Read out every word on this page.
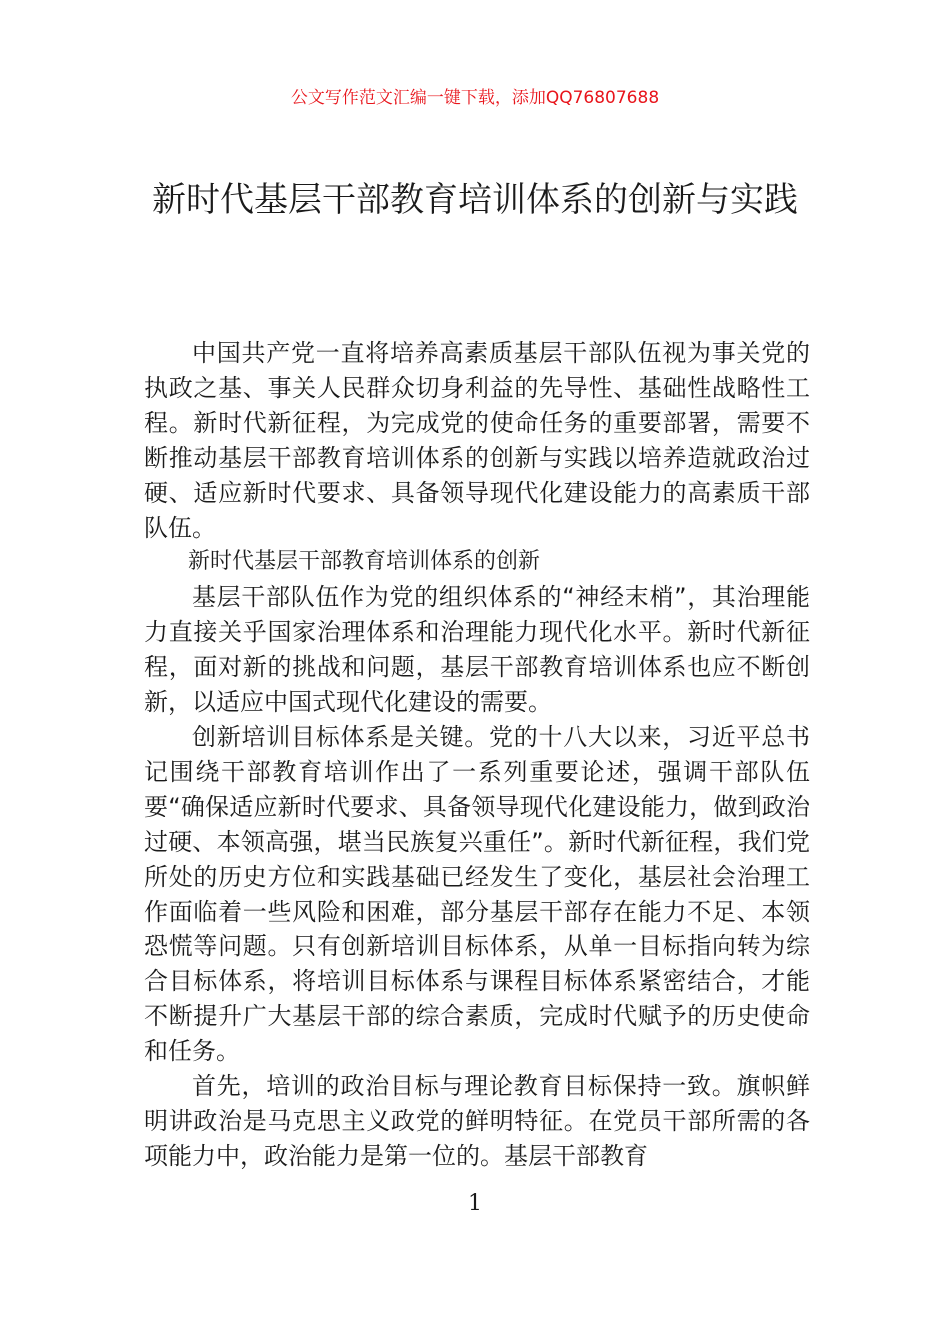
公文写作范文汇编一键下载，添加QQ76807688
新时代基层干部教育培训体系的创新与实践

中国共产党一直将培养高素质基层干部队伍视为事关党的执政之基、事关人民群众切身利益的先导性、基础性战略性工程。新时代新征程，为完成党的使命任务的重要部署，需要不断推动基层干部教育培训体系的创新与实践以培养造就政治过硬、适应新时代要求、具备领导现代化建设能力的高素质干部队伍。

新时代基层干部教育培训体系的创新

基层干部队伍作为党的组织体系的“神经末梢”，其治理能力直接关乎国家治理体系和治理能力现代化水平。新时代新征程，面对新的挑战和问题，基层干部教育培训体系也应不断创新，以适应中国式现代化建设的需要。

创新培训目标体系是关键。党的十八大以来，习近平总书记围绕干部教育培训作出了一系列重要论述，强调干部队伍要“确保适应新时代要求、具备领导现代化建设能力，做到政治过硬、本领高强，堪当民族复兴重任”。新时代新征程，我们党所处的历史方位和实践基础已经发生了变化，基层社会治理工作面临着一些风险和困难，部分基层干部存在能力不足、本领恐慌等问题。只有创新培训目标体系，从单一目标指向转为综合目标体系，将培训目标体系与课程目标体系紧密结合，才能不断提升广大基层干部的综合素质，完成时代赋予的历史使命和任务。

首先，培训的政治目标与理论教育目标保持一致。旗帜鲜明讲政治是马克思主义政党的鲜明特征。在党员干部所需的各项能力中，政治能力是第一位的。基层干部教育

1
